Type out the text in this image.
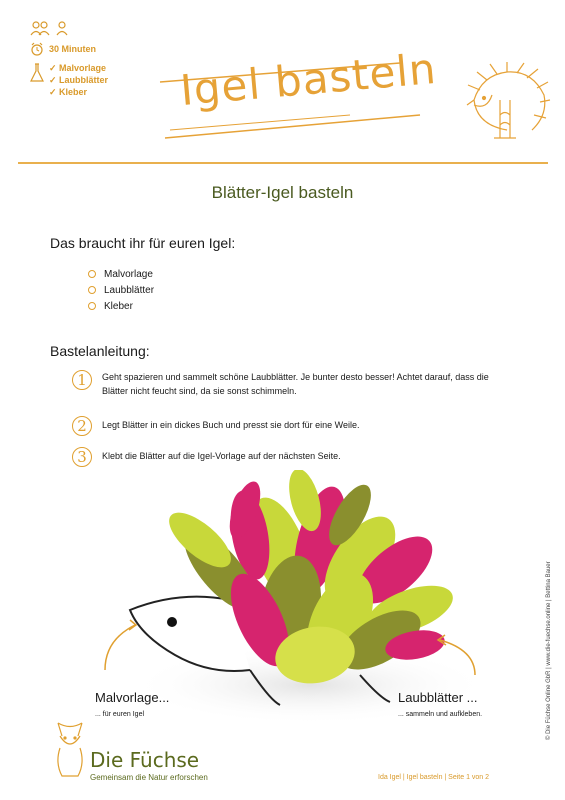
30 Minuten
✓ Malvorlage
✓ Laubblätter
✓ Kleber	Igel basteln
Blätter-Igel basteln
Das braucht ihr für euren Igel:
Malvorlage
Laubblätter
Kleber
Bastelanleitung:
1	Geht spazieren und sammelt schöne Laubblätter. Je bunter desto besser! Achtet darauf, dass die Blätter nicht feucht sind, da sie sonst schimmeln.
2	Legt Blätter in ein dickes Buch und presst sie dort für eine Weile.
3	Klebt die Blätter auf die Igel-Vorlage auf der nächsten Seite.
Malvorlage...
... für euren Igel
Laubblätter ...
... sammeln und aufkleben.
Die Füchse
Gemeinsam die Natur erforschen	Ida Igel | Igel basteln | Seite 1 von 2
© Die Füchse Online GbR | www.die-fuechse.online | Bettina Bauer
